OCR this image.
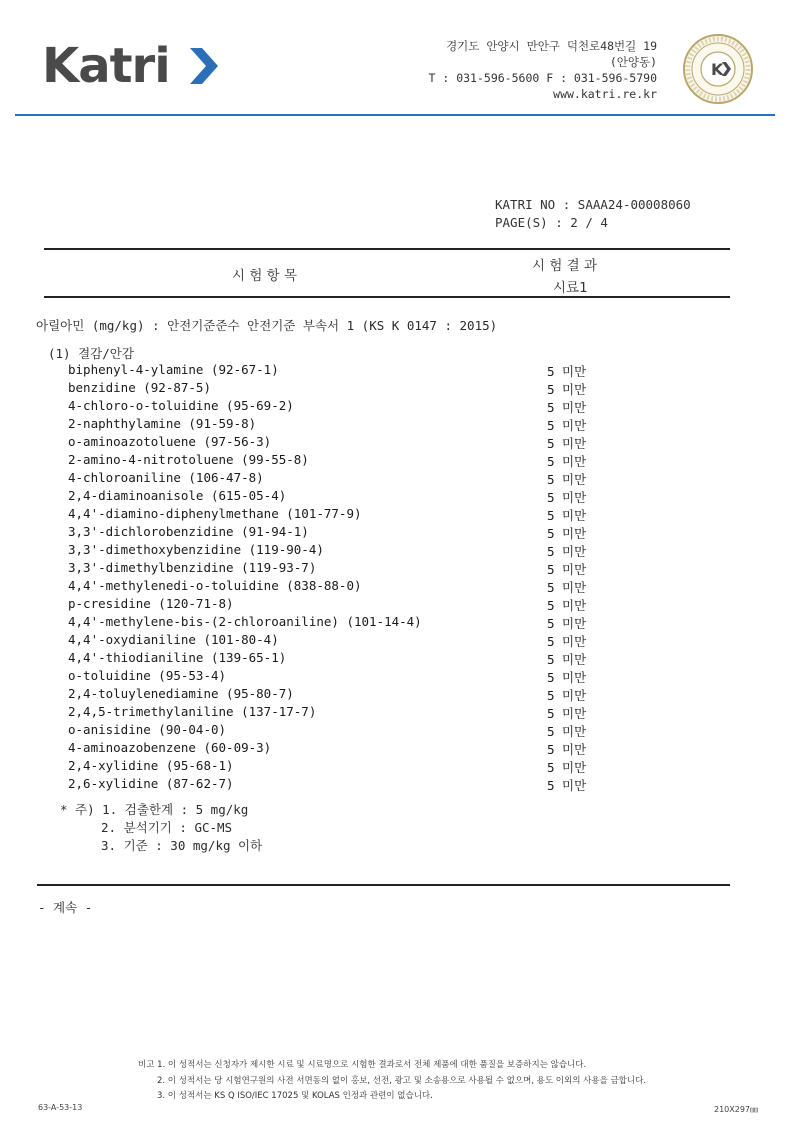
Katri	경기도 안양시 만안구 덕천로48번길 19
(안양동)
T : 031-596-5600 F : 031-596-5790
www.katri.re.kr
K
KATRI NO : SAAA24-00008060
PAGE(S) : 2 / 4
시 험 항 목
시 험 결 과
시료1
아릴아민 (mg/kg) : 안전기준준수 안전기준 부속서 1 (KS K 0147 : 2015)
(1) 결감/안감
biphenyl-4-ylamine (92-67-1)	5 미만
benzidine (92-87-5)	5 미만
4-chloro-o-toluidine (95-69-2)	5 미만
2-naphthylamine (91-59-8)	5 미만
o-aminoazotoluene (97-56-3)	5 미만
2-amino-4-nitrotoluene (99-55-8)	5 미만
4-chloroaniline (106-47-8)	5 미만
2,4-diaminoanisole (615-05-4)	5 미만
4,4'-diamino-diphenylmethane (101-77-9)	5 미만
3,3'-dichlorobenzidine (91-94-1)	5 미만
3,3'-dimethoxybenzidine (119-90-4)	5 미만
3,3'-dimethylbenzidine (119-93-7)	5 미만
4,4'-methylenedi-o-toluidine (838-88-0)	5 미만
p-cresidine (120-71-8)	5 미만
4,4'-methylene-bis-(2-chloroaniline) (101-14-4)	5 미만
4,4'-oxydianiline (101-80-4)	5 미만
4,4'-thiodianiline (139-65-1)	5 미만
o-toluidine (95-53-4)	5 미만
2,4-toluylenediamine (95-80-7)	5 미만
2,4,5-trimethylaniline (137-17-7)	5 미만
o-anisidine (90-04-0)	5 미만
4-aminoazobenzene (60-09-3)	5 미만
2,4-xylidine (95-68-1)	5 미만
2,6-xylidine (87-62-7)	5 미만
* 주) 1. 검출한계 : 5 mg/kg
2. 분석기기 : GC-MS
3. 기준 : 30 mg/kg 이하
- 계속 -
비고 1. 이 성적서는 신청자가 제시한 시료 및 시료명으로 시험한 결과로서 전체 제품에 대한 품질을 보증하지는 않습니다.
2. 이 성적서는 당 시험연구원의 사전 서면동의 없이 홍보, 선전, 광고 및 소송용으로 사용될 수 없으며, 용도 이외의 사용을 금합니다.
3. 이 성적서는 KS Q ISO/IEC 17025 및 KOLAS 인정과 관련이 없습니다.
63-A-53-13	210X297㎜
